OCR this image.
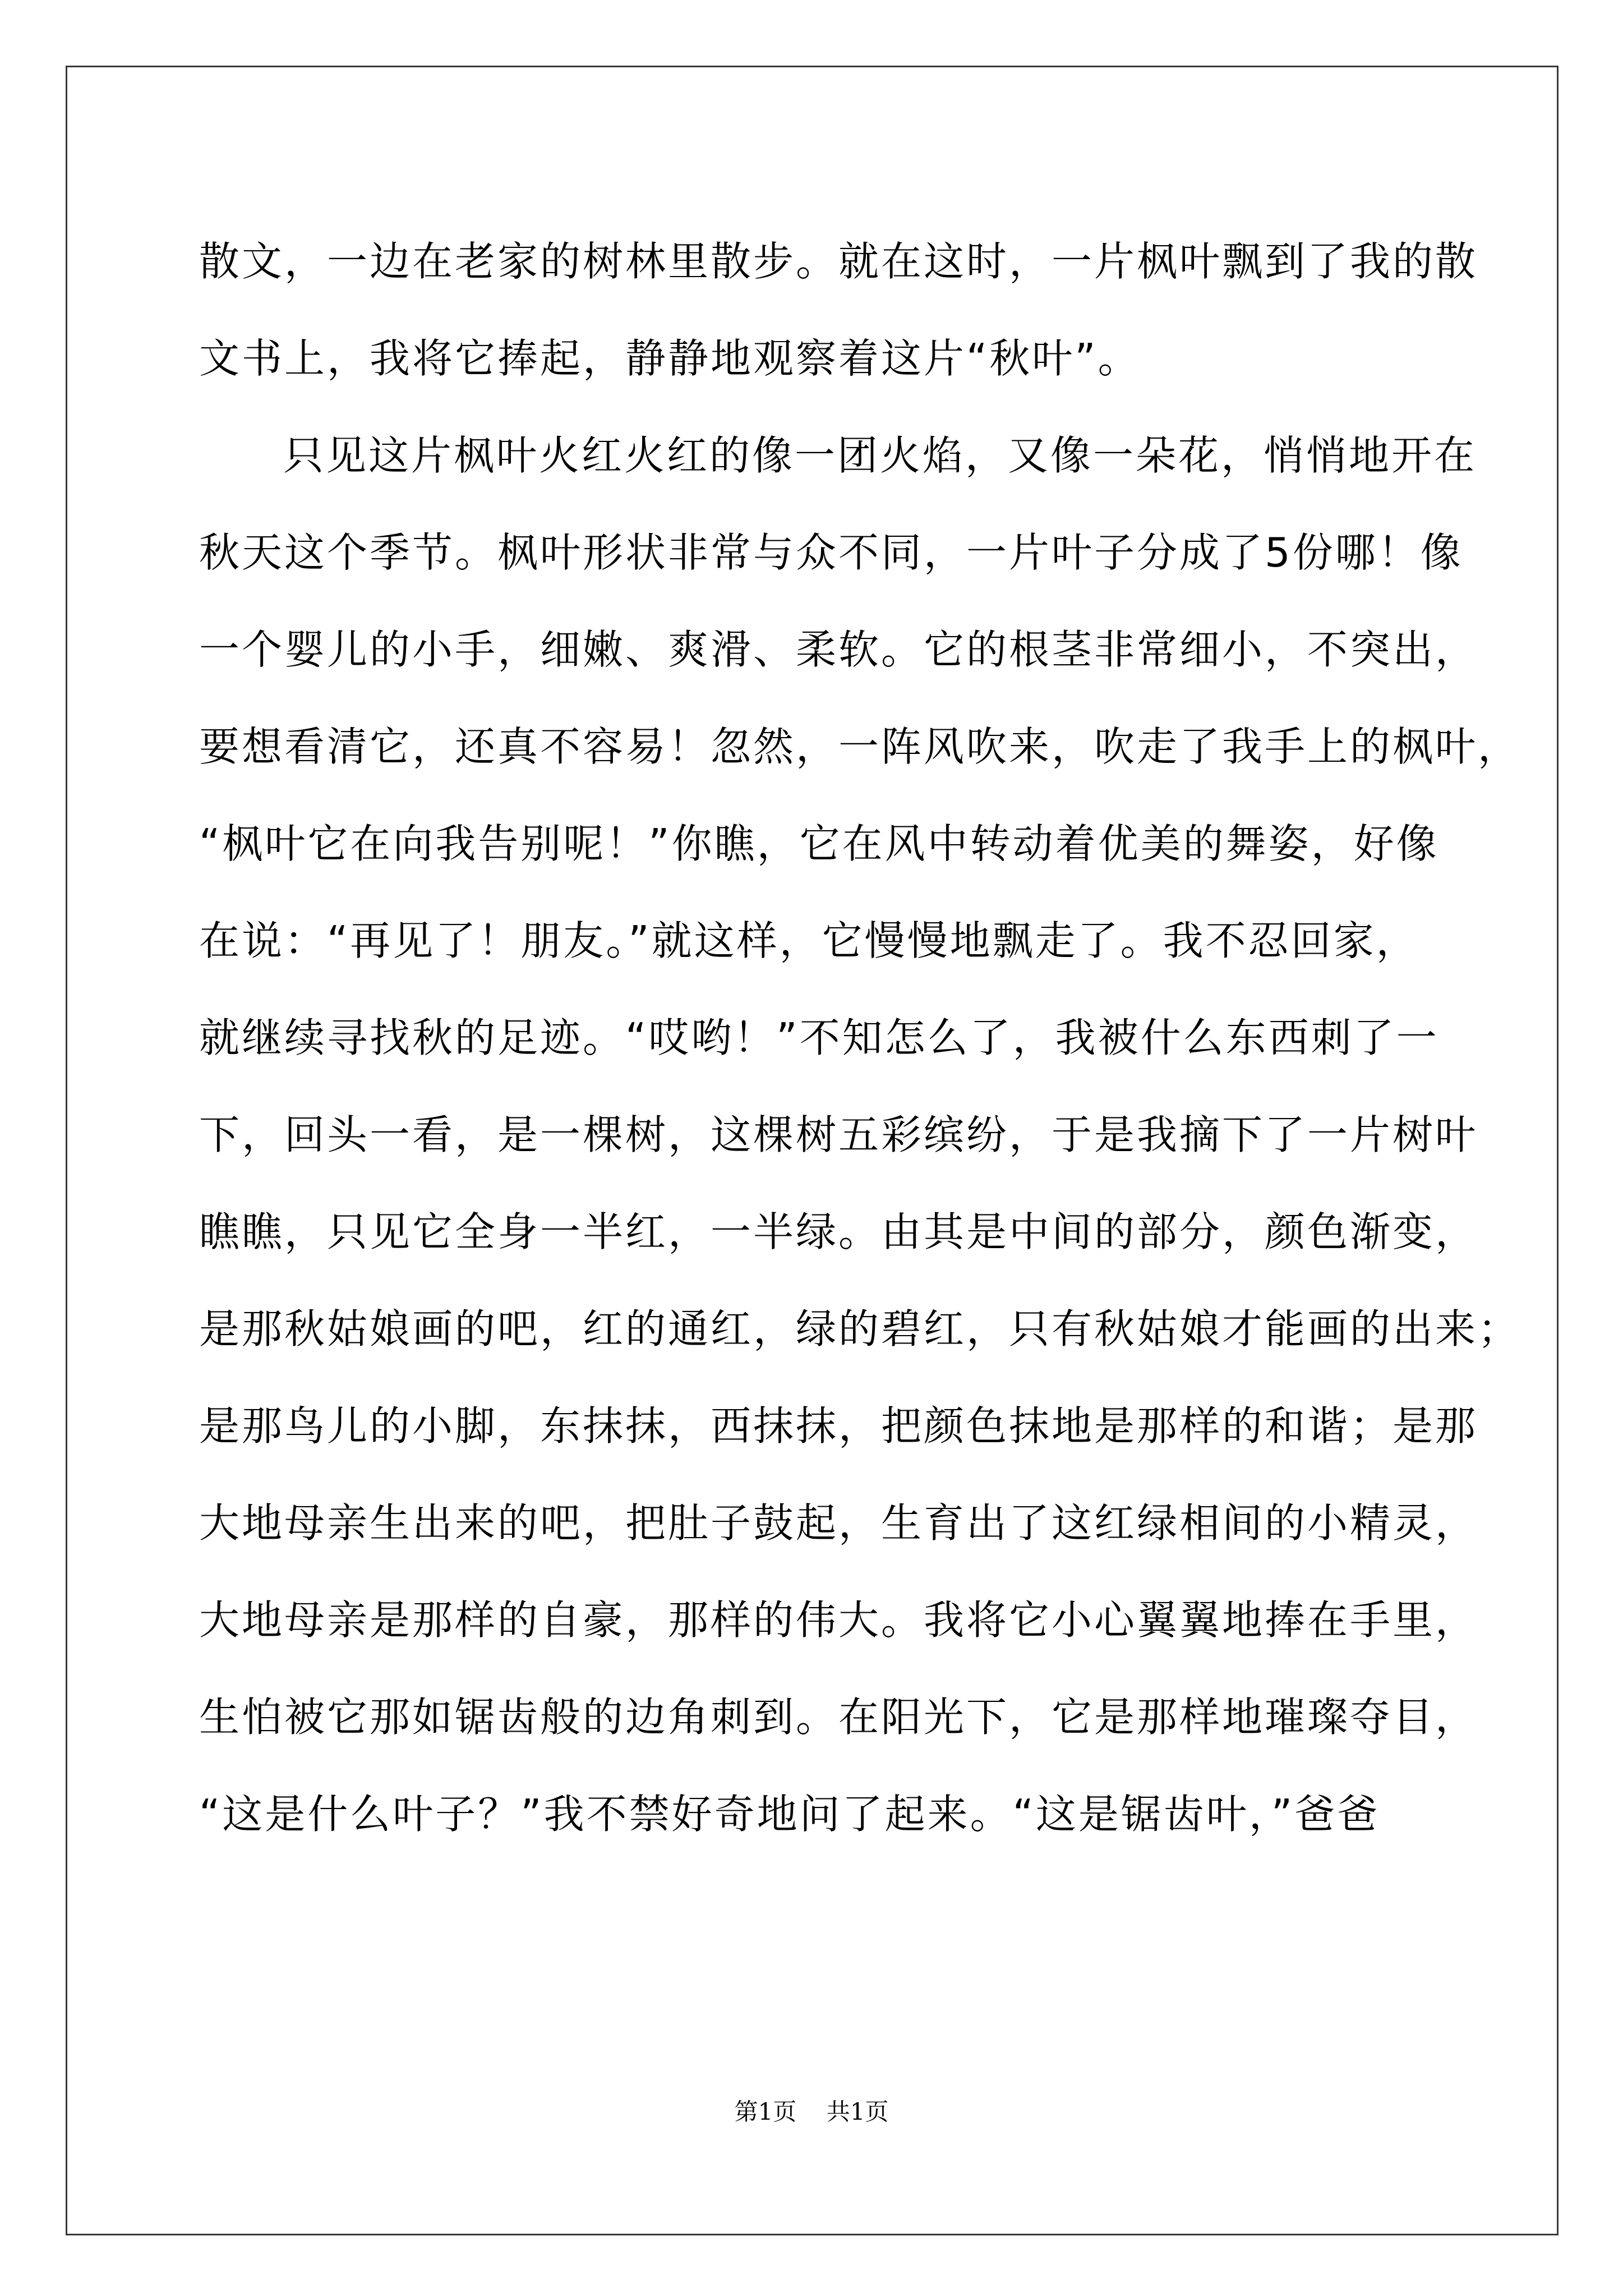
散文，一边在老家的树林里散步。就在这时，一片枫叶飘到了我的散
文书上，我将它捧起，静静地观察着这片“秋叶”。
只见这片枫叶火红火红的像一团火焰，又像一朵花，悄悄地开在
秋天这个季节。枫叶形状非常与众不同，一片叶子分成了5份哪！像
一个婴儿的小手，细嫩、爽滑、柔软。它的根茎非常细小，不突出，
要想看清它，还真不容易！忽然，一阵风吹来，吹走了我手上的枫叶，
“枫叶它在向我告别呢！”你瞧，它在风中转动着优美的舞姿，好像
在说：“再见了！朋友。”就这样，它慢慢地飘走了。我不忍回家，
就继续寻找秋的足迹。“哎哟！”不知怎么了，我被什么东西刺了一
下，回头一看，是一棵树，这棵树五彩缤纷，于是我摘下了一片树叶
瞧瞧，只见它全身一半红，一半绿。由其是中间的部分，颜色渐变，
是那秋姑娘画的吧，红的通红，绿的碧红，只有秋姑娘才能画的出来；
是那鸟儿的小脚，东抹抹，西抹抹，把颜色抹地是那样的和谐；是那
大地母亲生出来的吧，把肚子鼓起，生育出了这红绿相间的小精灵，
大地母亲是那样的自豪，那样的伟大。我将它小心翼翼地捧在手里，
生怕被它那如锯齿般的边角刺到。在阳光下，它是那样地璀璨夺目，
“这是什么叶子？”我不禁好奇地问了起来。“这是锯齿叶，”爸爸
第1页 共1页
